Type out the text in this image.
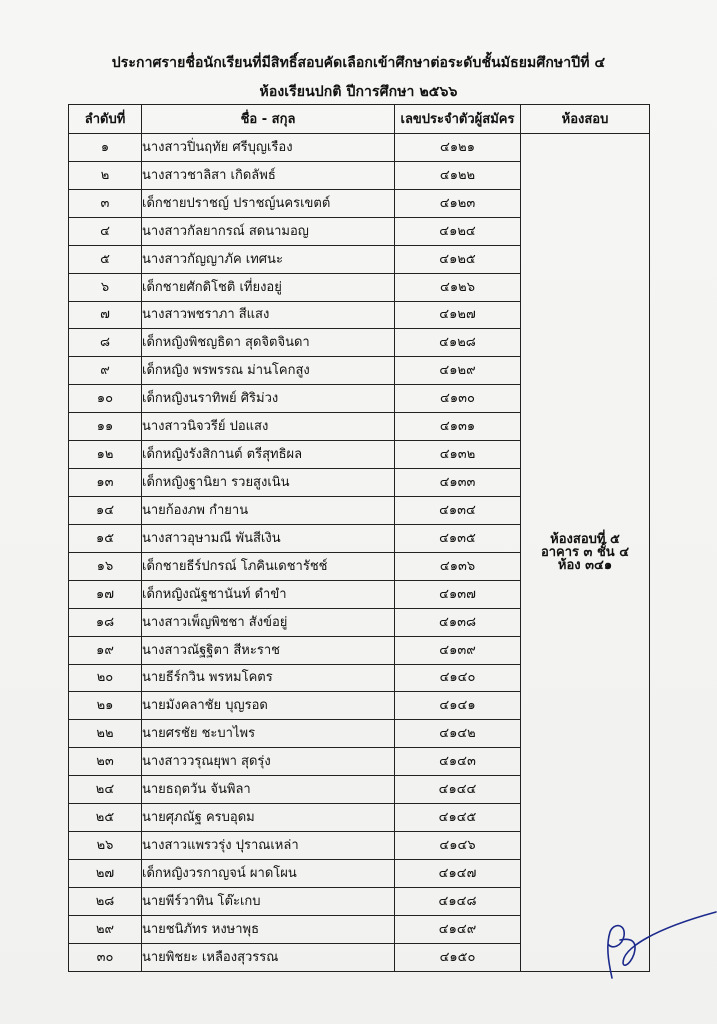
ประกาศรายชื่อนักเรียนที่มีสิทธิ์สอบคัดเลือกเข้าศึกษาต่อระดับชั้นมัธยมศึกษาปีที่ ๔
ห้องเรียนปกติ ปีการศึกษา ๒๕๖๖
ลำดับที่	ชื่อ - สกุล	เลขประจำตัวผู้สมัคร	ห้องสอบ
๑	นางสาวปิ่นฤทัย ศรีบุญเรือง	๔๑๒๑	ห้องสอบที่ ๕
อาคาร ๓ ชั้น ๔
ห้อง ๓๔๑

๒	นางสาวชาลิสา เกิดลัพธ์	๔๑๒๒	
๓	เด็กชายปราชญ์ ปราชญ์นครเขตต์	๔๑๒๓	
๔	นางสาวกัลยากรณ์ สดนามอญ	๔๑๒๔	
๕	นางสาวกัญญาภัค เทศนะ	๔๑๒๕	
๖	เด็กชายศักดิโชติ เที่ยงอยู่	๔๑๒๖	
๗	นางสาวพชราภา สีแสง	๔๑๒๗	
๘	เด็กหญิงพิชญธิดา สุดจิตจินดา	๔๑๒๘	
๙	เด็กหญิง พรพรรณ ม่านโคกสูง	๔๑๒๙	
๑๐	เด็กหญิงนราทิพย์ ศิริม่วง	๔๑๓๐	
๑๑	นางสาวนิจวรีย์ ปอแสง	๔๑๓๑	
๑๒	เด็กหญิงรังสิกานต์ ตรีสุทธิผล	๔๑๓๒	
๑๓	เด็กหญิงฐานิยา รวยสูงเนิน	๔๑๓๓	
๑๔	นายก้องภพ กำยาน	๔๑๓๔	
๑๕	นางสาวอุษามณี พันสีเงิน	๔๑๓๕	
๑๖	เด็กชายธีร์ปกรณ์ โภคินเดชารัชช์	๔๑๓๖	
๑๗	เด็กหญิงณัฐชานันท์ ดำขำ	๔๑๓๗	
๑๘	นางสาวเพ็ญพิชชา สังข์อยู่	๔๑๓๘	
๑๙	นางสาวณัฐฐิตา สีหะราช	๔๑๓๙	
๒๐	นายธีร์กวิน พรหมโคตร	๔๑๔๐	
๒๑	นายมังคลาชัย บุญรอด	๔๑๔๑	
๒๒	นายศรชัย ชะบาไพร	๔๑๔๒	
๒๓	นางสาววรุณยุพา สุดรุ่ง	๔๑๔๓	
๒๔	นายธฤตวัน จันพิลา	๔๑๔๔	
๒๕	นายศุภณัฐ ครบอุดม	๔๑๔๕	
๒๖	นางสาวแพรวรุ่ง ปุราณเหล่า	๔๑๔๖	
๒๗	เด็กหญิงวรกาญจน์ ผาดโผน	๔๑๔๗	
๒๘	นายพีร์วาทิน โต๊ะเกบ	๔๑๔๘	
๒๙	นายชนิภัทร หงษาพุธ	๔๑๔๙	
๓๐	นายพิชยะ เหลืองสุวรรณ	๔๑๕๐	
